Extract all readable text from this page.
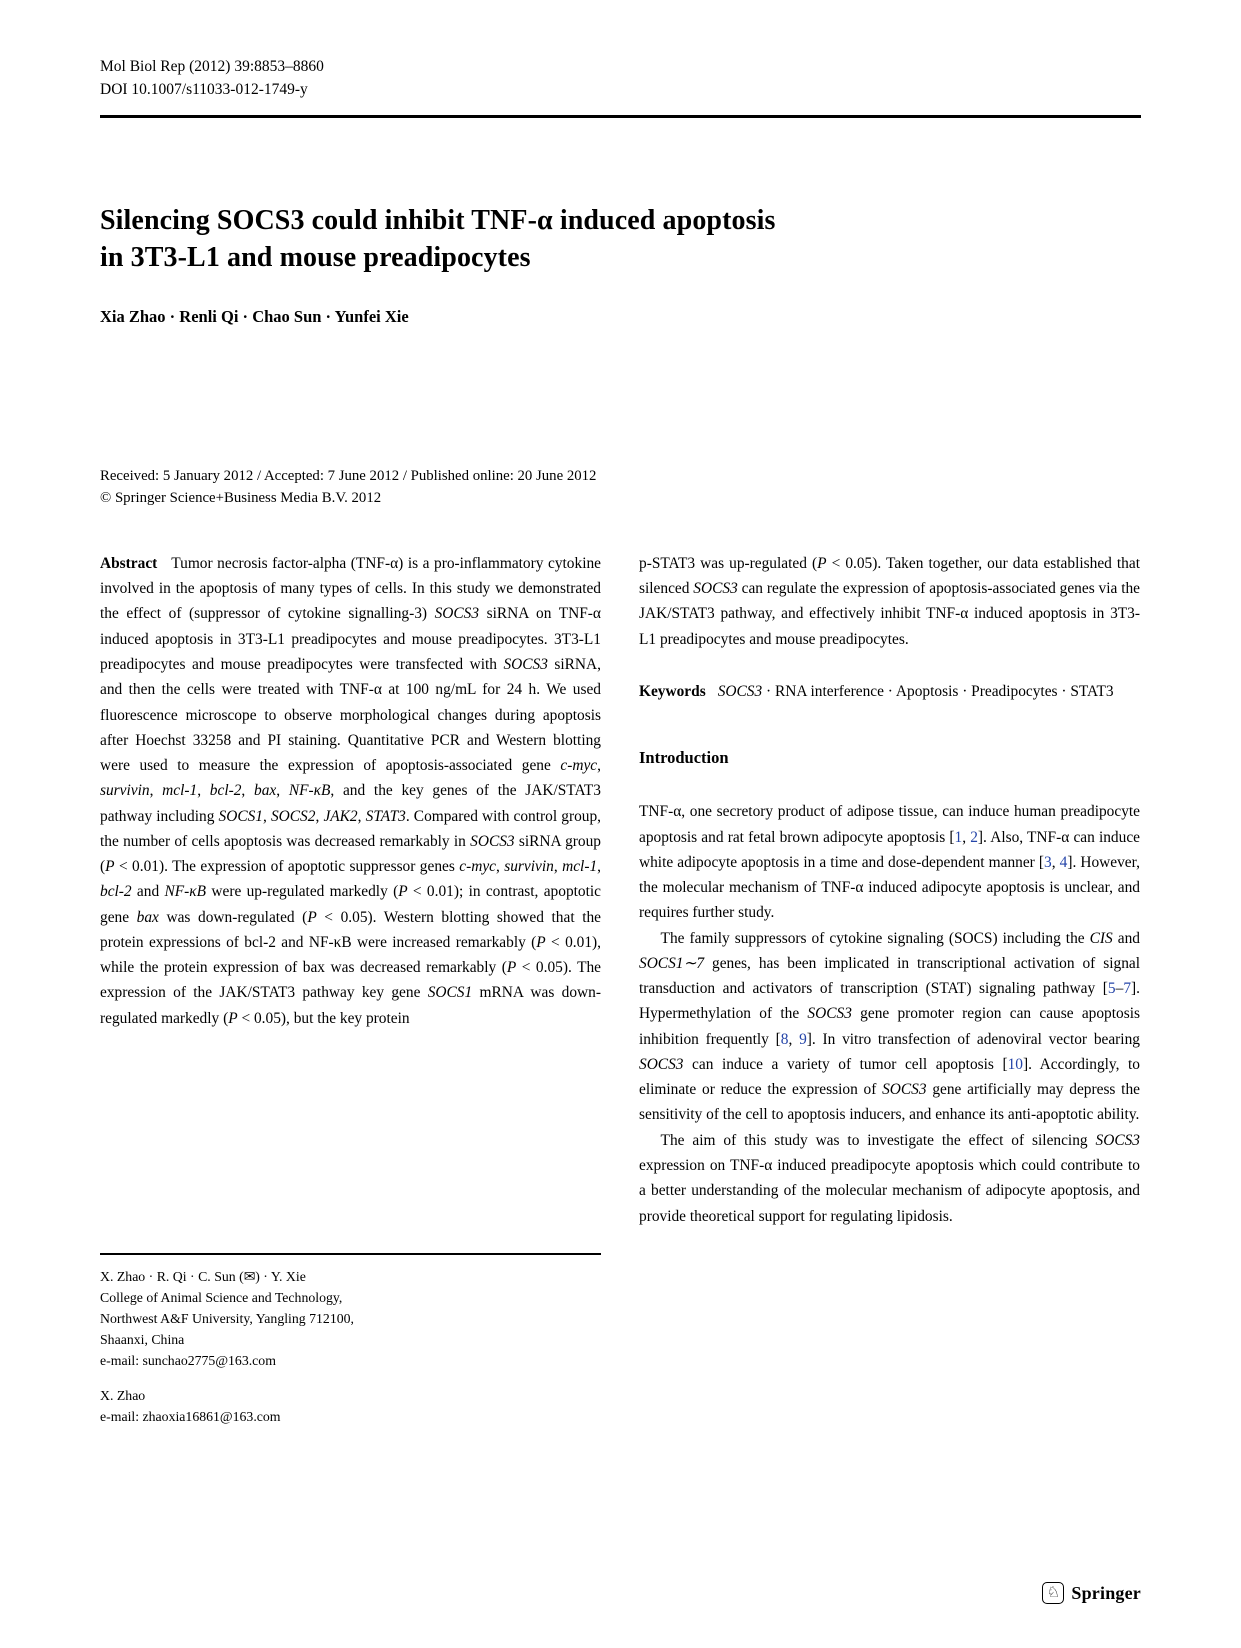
Mol Biol Rep (2012) 39:8853–8860
DOI 10.1007/s11033-012-1749-y
Silencing SOCS3 could inhibit TNF-α induced apoptosis
in 3T3-L1 and mouse preadipocytes
Xia Zhao · Renli Qi · Chao Sun · Yunfei Xie
Received: 5 January 2012 / Accepted: 7 June 2012 / Published online: 20 June 2012
© Springer Science+Business Media B.V. 2012

Abstract Tumor necrosis factor-alpha (TNF-α) is a pro-inflammatory cytokine involved in the apoptosis of many types of cells. In this study we demonstrated the effect of (suppressor of cytokine signalling-3) SOCS3 siRNA on TNF-α induced apoptosis in 3T3-L1 preadipocytes and mouse preadipocytes. 3T3-L1 preadipocytes and mouse preadipocytes were transfected with SOCS3 siRNA, and then the cells were treated with TNF-α at 100 ng/mL for 24 h. We used fluorescence microscope to observe morphological changes during apoptosis after Hoechst 33258 and PI staining. Quantitative PCR and Western blotting were used to measure the expression of apoptosis-associated gene c-myc, survivin, mcl-1, bcl-2, bax, NF-κB, and the key genes of the JAK/STAT3 pathway including SOCS1, SOCS2, JAK2, STAT3. Compared with control group, the number of cells apoptosis was decreased remarkably in SOCS3 siRNA group (P < 0.01). The expression of apoptotic suppressor genes c-myc, survivin, mcl-1, bcl-2 and NF-κB were up-regulated markedly (P < 0.01); in contrast, apoptotic gene bax was down-regulated (P < 0.05). Western blotting showed that the protein expressions of bcl-2 and NF-κB were increased remarkably (P < 0.01), while the protein expression of bax was decreased remarkably (P < 0.05). The expression of the JAK/STAT3 pathway key gene SOCS1 mRNA was down-regulated markedly (P < 0.05), but the key protein

p-STAT3 was up-regulated (P < 0.05). Taken together, our data established that silenced SOCS3 can regulate the expression of apoptosis-associated genes via the JAK/STAT3 pathway, and effectively inhibit TNF-α induced apoptosis in 3T3-L1 preadipocytes and mouse preadipocytes.

Keywords SOCS3 · RNA interference · Apoptosis · Preadipocytes · STAT3

Introduction

TNF-α, one secretory product of adipose tissue, can induce human preadipocyte apoptosis and rat fetal brown adipocyte apoptosis [1, 2]. Also, TNF-α can induce white adipocyte apoptosis in a time and dose-dependent manner [3, 4]. However, the molecular mechanism of TNF-α induced adipocyte apoptosis is unclear, and requires further study.

The family suppressors of cytokine signaling (SOCS) including the CIS and SOCS1∼7 genes, has been implicated in transcriptional activation of signal transduction and activators of transcription (STAT) signaling pathway [5–7]. Hypermethylation of the SOCS3 gene promoter region can cause apoptosis inhibition frequently [8, 9]. In vitro transfection of adenoviral vector bearing SOCS3 can induce a variety of tumor cell apoptosis [10]. Accordingly, to eliminate or reduce the expression of SOCS3 gene artificially may depress the sensitivity of the cell to apoptosis inducers, and enhance its anti-apoptotic ability.

The aim of this study was to investigate the effect of silencing SOCS3 expression on TNF-α induced preadipocyte apoptosis which could contribute to a better understanding of the molecular mechanism of adipocyte apoptosis, and provide theoretical support for regulating lipidosis.

X. Zhao · R. Qi · C. Sun (✉) · Y. Xie
College of Animal Science and Technology,
Northwest A&F University, Yangling 712100,
Shaanxi, China
e-mail: sunchao2775@163.com
X. Zhao
e-mail: zhaoxia16861@163.com
♘ Springer
